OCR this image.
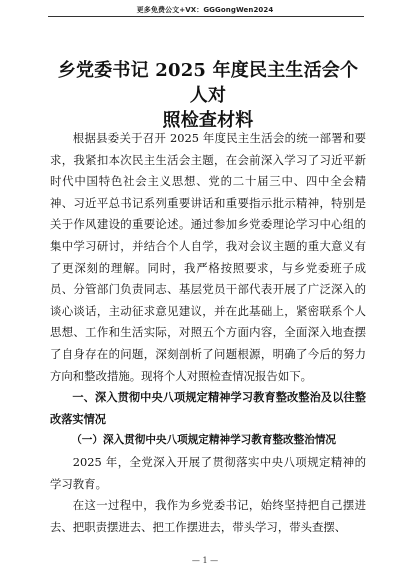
更多免费公文+VX：GGGongWen2024
乡党委书记 2025 年度民主生活会个人对
照检查材料

根据县委关于召开 2025 年度民主生活会的统一部署和要求，我紧扣本次民主生活会主题，在会前深入学习了习近平新时代中国特色社会主义思想、党的二十届三中、四中全会精神、习近平总书记系列重要讲话和重要指示批示精神，特别是关于作风建设的重要论述。通过参加乡党委理论学习中心组的集中学习研讨，并结合个人自学，我对会议主题的重大意义有了更深刻的理解。同时，我严格按照要求，与乡党委班子成员、分管部门负责同志、基层党员干部代表开展了广泛深入的谈心谈话，主动征求意见建议，并在此基础上，紧密联系个人思想、工作和生活实际，对照五个方面内容，全面深入地查摆了自身存在的问题，深刻剖析了问题根源，明确了今后的努力方向和整改措施。现将个人对照检查情况报告如下。

一、深入贯彻中央八项规定精神学习教育整改整治及以往整改落实情况

（一）深入贯彻中央八项规定精神学习教育整改整治情况

2025 年，全党深入开展了贯彻落实中央八项规定精神的学习教育。

在这一过程中，我作为乡党委书记，始终坚持把自己摆进去、把职责摆进去、把工作摆进去，带头学习，带头查摆、

— 1 —
